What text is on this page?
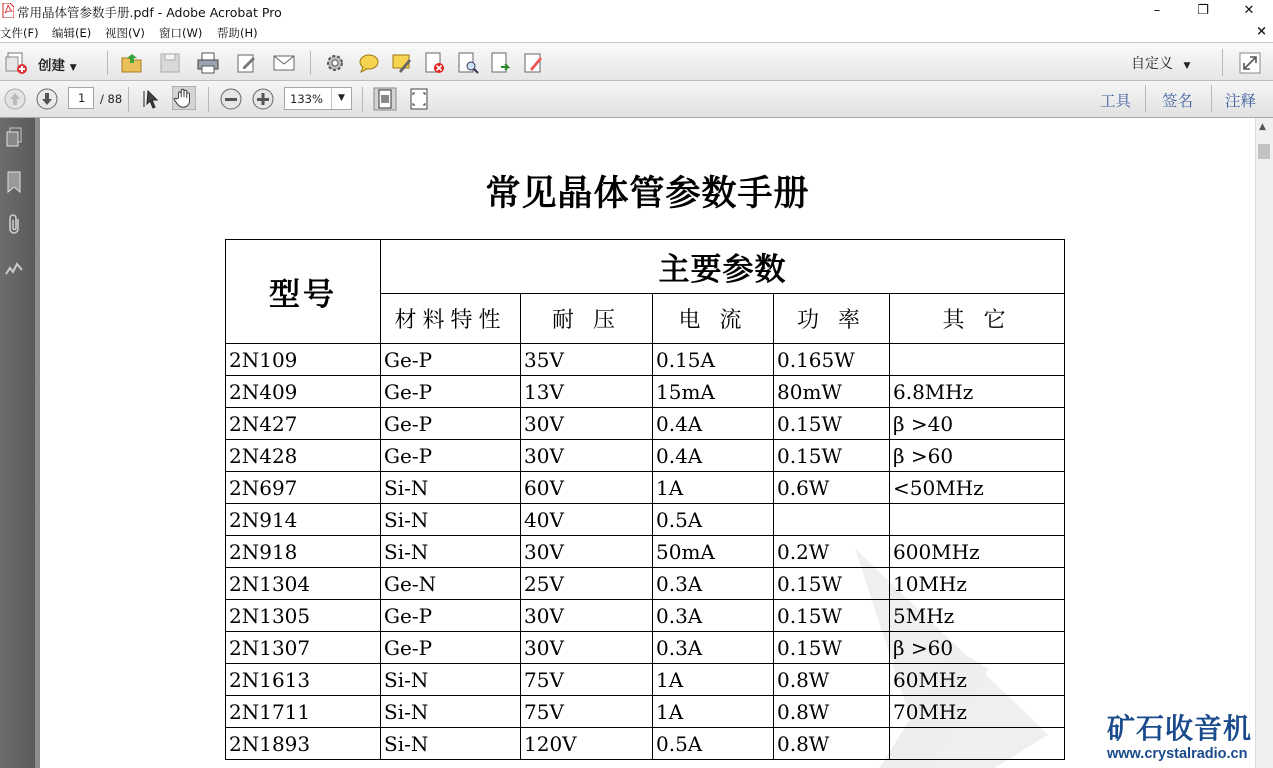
常用晶体管参数手册.pdf - Adobe Acrobat Pro	–	❐	✕
文件(F) 编辑(E) 视图(V) 窗口(W) 帮助(H)	×
创建 ▼	自定义 ▼
1	/ 88	133%	▼	工具 签名 注释
常见晶体管参数手册
型号	主要参数				
	材料特性	耐 压	电 流	功 率	其 它
2N109	Ge-P	35V	0.15A	0.165W	
2N409	Ge-P	13V	15mA	80mW	6.8MHz
2N427	Ge-P	30V	0.4A	0.15W	β >40
2N428	Ge-P	30V	0.4A	0.15W	β >60
2N697	Si-N	60V	1A	0.6W	<50MHz
2N914	Si-N	40V	0.5A		
2N918	Si-N	30V	50mA	0.2W	600MHz
2N1304	Ge-N	25V	0.3A	0.15W	10MHz
2N1305	Ge-P	30V	0.3A	0.15W	5MHz
2N1307	Ge-P	30V	0.3A	0.15W	β >60
2N1613	Si-N	75V	1A	0.8W	60MHz
2N1711	Si-N	75V	1A	0.8W	70MHz
2N1893	Si-N	120V	0.5A	0.8W	
▲
矿石收音机
www.crystalradio.cn
